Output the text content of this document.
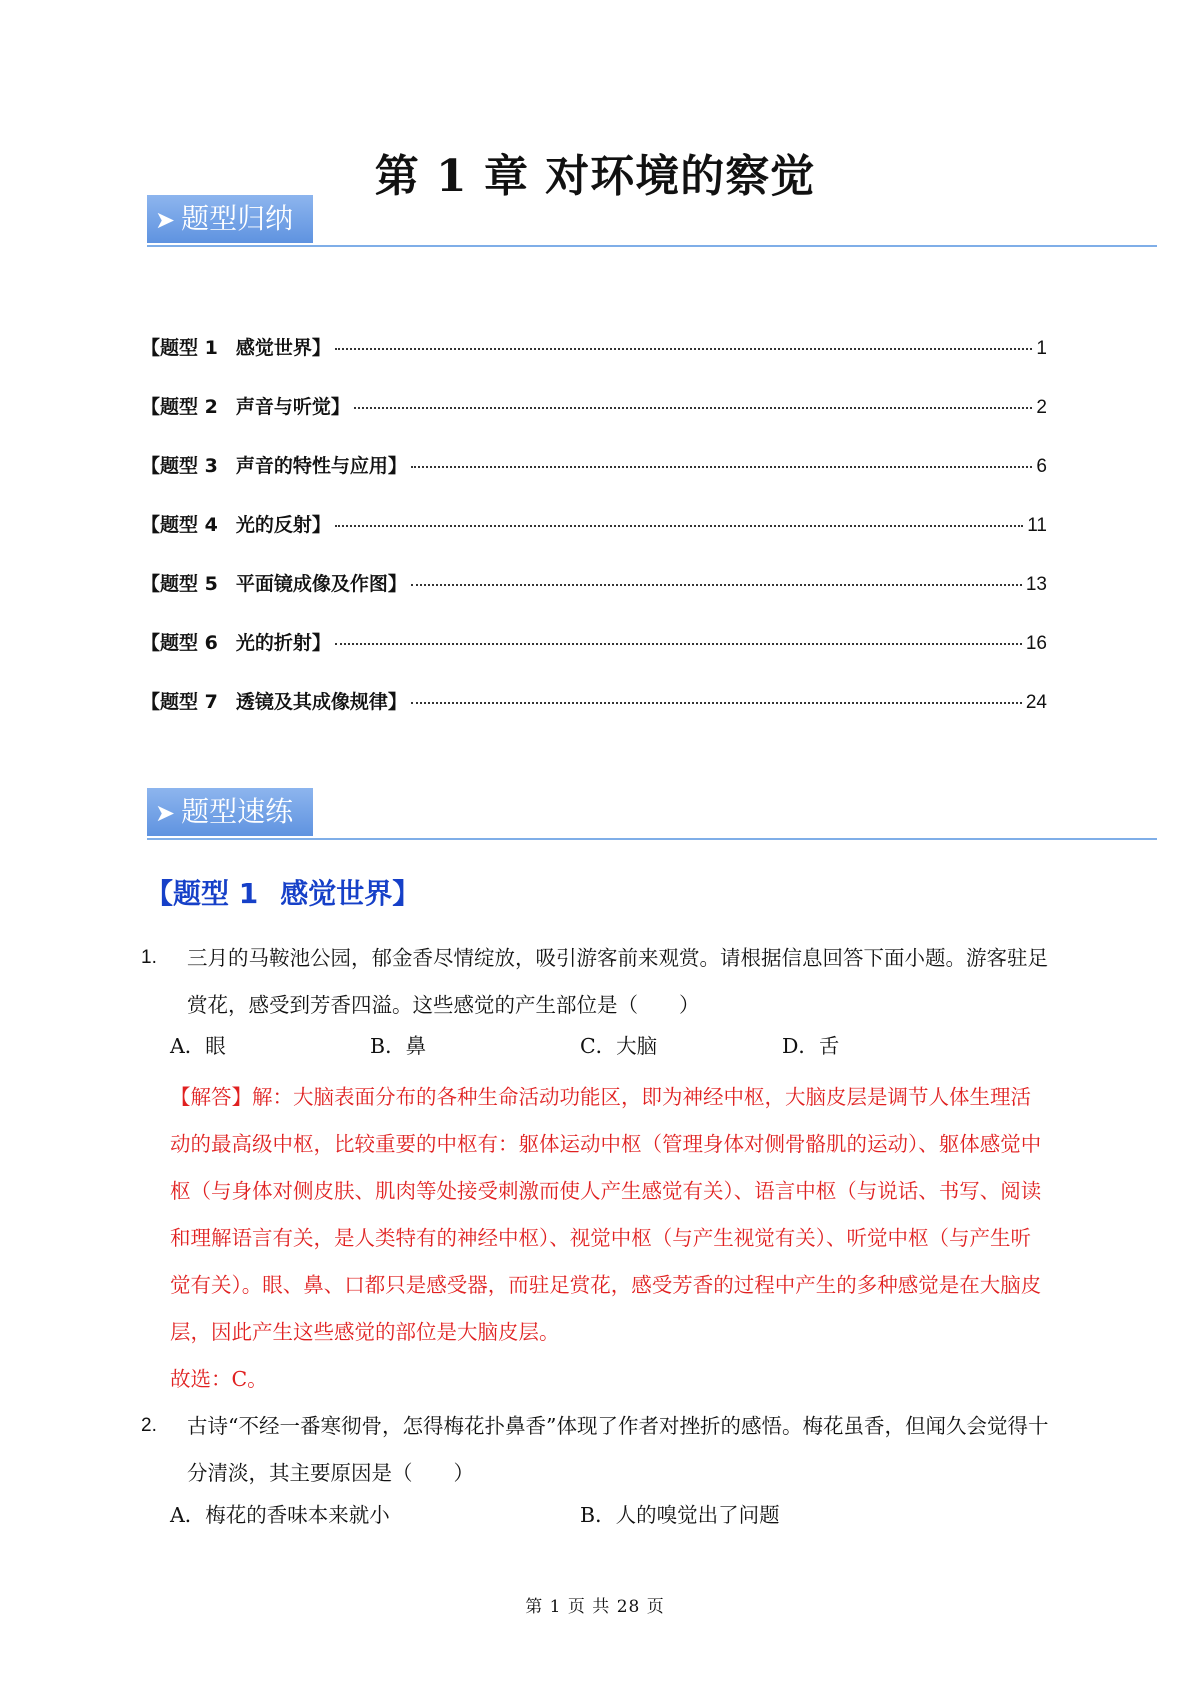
第 1 章 对环境的察觉
➤ 题型归纳
【题型 1 感觉世界】	1
【题型 2 声音与听觉】	2
【题型 3 声音的特性与应用】	6
【题型 4 光的反射】	11
【题型 5 平面镜成像及作图】	13
【题型 6 光的折射】	16
【题型 7 透镜及其成像规律】	24
➤ 题型速练
【题型 1 感觉世界】
1. 三月的马鞍池公园，郁金香尽情绽放，吸引游客前来观赏。请根据信息回答下面小题。游客驻足赏花，感受到芳香四溢。这些感觉的产生部位是（　　）

A．眼	B．鼻	C．大脑	D．舌

【解答】解：大脑表面分布的各种生命活动功能区，即为神经中枢，大脑皮层是调节人体生理活动的最高级中枢，比较重要的中枢有：躯体运动中枢（管理身体对侧骨骼肌的运动）、躯体感觉中枢（与身体对侧皮肤、肌肉等处接受刺激而使人产生感觉有关）、语言中枢（与说话、书写、阅读和理解语言有关，是人类特有的神经中枢）、视觉中枢（与产生视觉有关）、听觉中枢（与产生听觉有关）。眼、鼻、口都只是感受器，而驻足赏花，感受芳香的过程中产生的多种感觉是在大脑皮层，因此产生这些感觉的部位是大脑皮层。

故选：C。

2. 古诗“不经一番寒彻骨，怎得梅花扑鼻香”体现了作者对挫折的感悟。梅花虽香，但闻久会觉得十分清淡，其主要原因是（　　）

A．梅花的香味本来就小	B．人的嗅觉出了问题
第 1 页 共 28 页
